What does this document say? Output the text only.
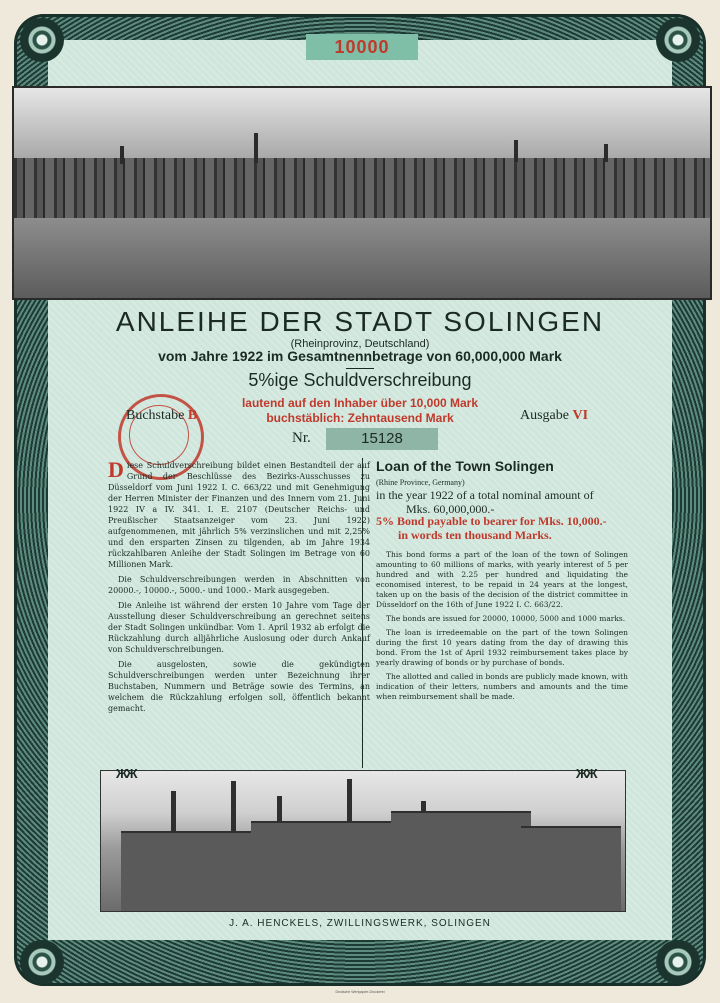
10000
ANLEIHE DER STADT SOLINGEN
(Rheinprovinz, Deutschland)
vom Jahre 1922 im Gesamtnennbetrage von 60,000,000 Mark
5%ige Schuldverschreibung
lautend auf den Inhaber über 10,000 Mark
buchstäblich: Zehntausend Mark
Buchstabe B	Ausgabe VI
Nr.	15128

Diese Schuldverschreibung bildet einen Bestandteil der auf Grund der Beschlüsse des Bezirks-Ausschusses zu Düsseldorf vom Juni 1922 I. C. 663/22 und mit Genehmigung der Herren Minister der Finanzen und des Innern vom 21. Juni 1922 IV a IV. 341. I. E. 2107 (Deutscher Reichs- und Preußischer Staatsanzeiger vom 23. Juni 1922) aufgenommenen, mit jährlich 5% verzinslichen und mit 2,25% und den ersparten Zinsen zu tilgenden, ab im Jahre 1934 rückzahlbaren Anleihe der Stadt Solingen im Betrage von 60 Millionen Mark.

Die Schuldverschreibungen werden in Abschnitten von 20000.-, 10000.-, 5000.- und 1000.- Mark ausgegeben.

Die Anleihe ist während der ersten 10 Jahre vom Tage der Ausstellung dieser Schuldverschreibung an gerechnet seitens der Stadt Solingen unkündbar. Vom 1. April 1932 ab erfolgt die Rückzahlung durch alljährliche Auslosung oder durch Ankauf von Schuldverschreibungen.

Die ausgelosten, sowie die gekündigten Schuldverschreibungen werden unter Bezeichnung ihrer Buchstaben, Nummern und Beträge sowie des Termins, an welchem die Rückzahlung erfolgen soll, öffentlich bekannt gemacht.

Loan of the Town Solingen
(Rhine Province, Germany)
in the year 1922 of a total nominal amount of
Mks. 60,000,000.-
5% Bond payable to bearer for Mks. 10,000.-
in words ten thousand Marks.

This bond forms a part of the loan of the town of Solingen amounting to 60 millions of marks, with yearly interest of 5 per hundred and with 2.25 per hundred and liquidating the economised interest, to be repaid in 24 years at the longest, taken up on the basis of the decision of the district committee in Düsseldorf on the 16th of June 1922 I. C. 663/22.

The bonds are issued for 20000, 10000, 5000 and 1000 marks.

The loan is irredeemable on the part of the town Solingen during the first 10 years dating from the day of drawing this bond. From the 1st of April 1932 reimbursement takes place by yearly drawing of bonds or by purchase of bonds.

The allotted and called in bonds are publicly made known, with indication of their letters, numbers and amounts and the time when reimbursement shall be made.

ЖЖ	ЖЖ
J. A. HENCKELS, ZWILLINGSWERK, SOLINGEN
Deutsche Wertpapier-Druckerei
